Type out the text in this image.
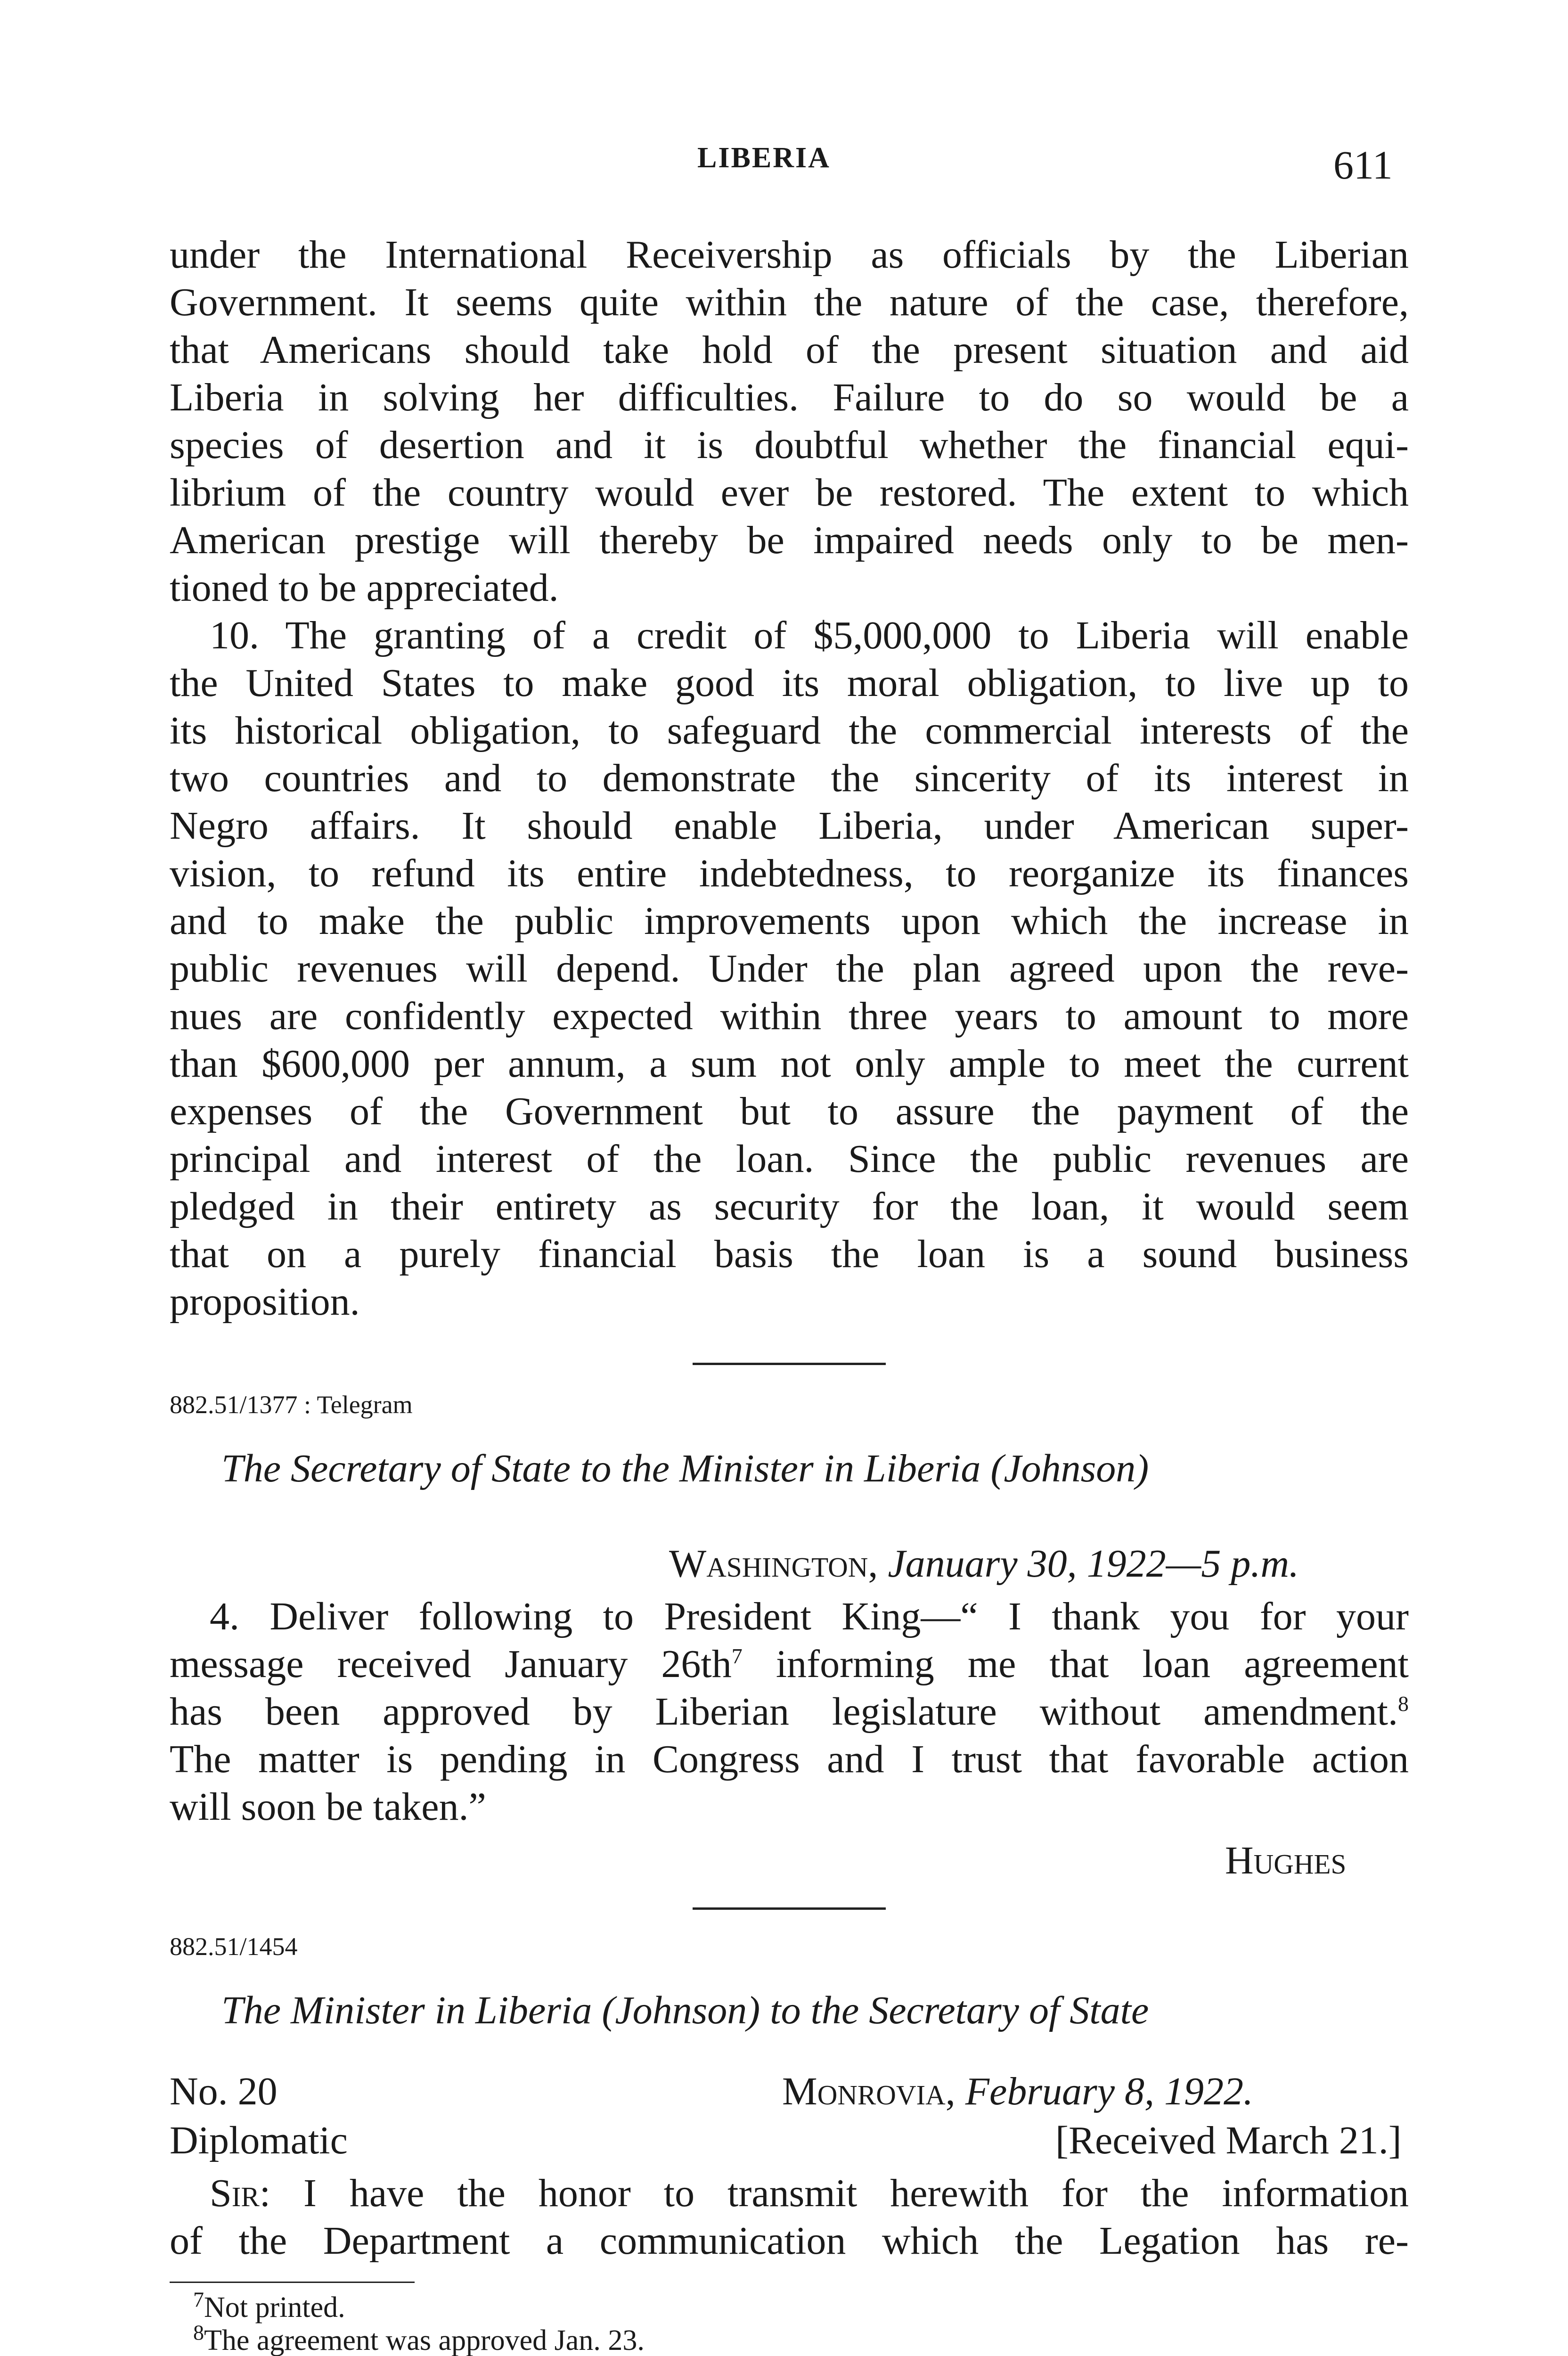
LIBERIA	611
under the International Receivership as officials by the Liberian
Government. It seems quite within the nature of the case, therefore,
that Americans should take hold of the present situation and aid
Liberia in solving her difficulties. Failure to do so would be a
species of desertion and it is doubtful whether the financial equi-
librium of the country would ever be restored. The extent to which
American prestige will thereby be impaired needs only to be men-
tioned to be appreciated.
10. The granting of a credit of $5,000,000 to Liberia will enable
the United States to make good its moral obligation, to live up to
its historical obligation, to safeguard the commercial interests of the
two countries and to demonstrate the sincerity of its interest in
Negro affairs. It should enable Liberia, under American super-
vision, to refund its entire indebtedness, to reorganize its finances
and to make the public improvements upon which the increase in
public revenues will depend. Under the plan agreed upon the reve-
nues are confidently expected within three years to amount to more
than $600,000 per annum, a sum not only ample to meet the current
expenses of the Government but to assure the payment of the
principal and interest of the loan. Since the public revenues are
pledged in their entirety as security for the loan, it would seem
that on a purely financial basis the loan is a sound business
proposition.
882.51/1377 : Telegram
The Secretary of State to the Minister in Liberia (Johnson)
Washington, January 30, 1922—5 p.m.
4. Deliver following to President King—“ I thank you for your
message received January $26th^7$ informing me that loan agreement
has been approved by Liberian legislature without amendment.$^8$
The matter is pending in Congress and I trust that favorable action
will soon be taken.”
Hughes
882.51/1454
The Minister in Liberia (Johnson) to the Secretary of State
No. 20	Monrovia, February 8, 1922.
Diplomatic	[Received March 21.]
Sir: I have the honor to transmit herewith for the information
of the Department a communication which the Legation has re-
$^7$Not printed.
$^8$The agreement was approved Jan. 23.
